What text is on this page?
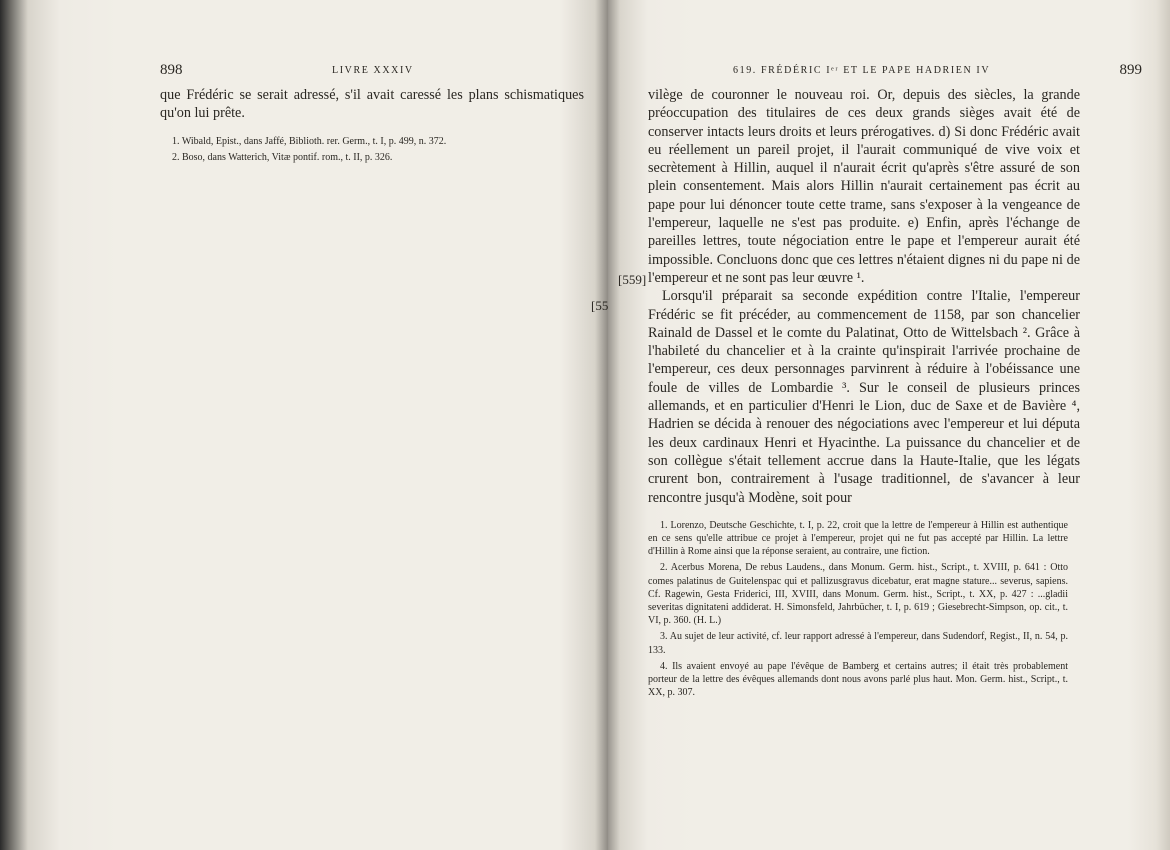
898	LIVRE XXXIV

que Frédéric se serait adressé, s'il avait caressé les plans schismatiques qu'on lui prête.

1. Wibald, Epist., dans Jaffé, Biblioth. rer. Germ., t. I, p. 499, n. 372.

2. Boso, dans Watterich, Vitæ pontif. rom., t. II, p. 326.

[55
619. FRÉDÉRIC Iᵉʳ ET LE PAPE HADRIEN IV	899

vilège de couronner le nouveau roi. Or, depuis des siècles, la grande préoccupation des titulaires de ces deux grands sièges avait été de conserver intacts leurs droits et leurs prérogatives. d) Si donc Frédéric avait eu réellement un pareil projet, il l'aurait communiqué de vive voix et secrètement à Hillin, auquel il n'aurait écrit qu'après s'être assuré de son plein consentement. Mais alors Hillin n'aurait certainement pas écrit au pape pour lui dénoncer toute cette trame, sans s'exposer à la vengeance de l'empereur, laquelle ne s'est pas produite. e) Enfin, après l'échange de pareilles lettres, toute négociation entre le pape et l'empereur aurait été impossible. Concluons donc que ces lettres n'étaient dignes ni du pape ni de l'empereur et ne sont pas leur œuvre ¹.

Lorsqu'il préparait sa seconde expédition contre l'Italie, l'empereur Frédéric se fit précéder, au commencement de 1158, par son chancelier Rainald de Dassel et le comte du Palatinat, Otto de Wittelsbach ². Grâce à l'habileté du chancelier et à la crainte qu'inspirait l'arrivée prochaine de l'empereur, ces deux personnages parvinrent à réduire à l'obéissance une foule de villes de Lombardie ³. Sur le conseil de plusieurs princes allemands, et en particulier d'Henri le Lion, duc de Saxe et de Bavière ⁴, Hadrien se décida à renouer des négociations avec l'empereur et lui députa les deux cardinaux Henri et Hyacinthe. La puissance du chancelier et de son collègue s'était tellement accrue dans la Haute-Italie, que les légats crurent bon, contrairement à l'usage traditionnel, de s'avancer à leur rencontre jusqu'à Modène, soit pour

1. Lorenzo, Deutsche Geschichte, t. I, p. 22, croit que la lettre de l'empereur à Hillin est authentique en ce sens qu'elle attribue ce projet à l'empereur, projet qui ne fut pas accepté par Hillin. La lettre d'Hillin à Rome ainsi que la réponse seraient, au contraire, une fiction.

2. Acerbus Morena, De rebus Laudens., dans Monum. Germ. hist., Script., t. XVIII, p. 641 : Otto comes palatinus de Guitelenspac qui et pallizusgravus dicebatur, erat magne stature... severus, sapiens. Cf. Ragewin, Gesta Friderici, III, XVIII, dans Monum. Germ. hist., Script., t. XX, p. 427 : ...gladii severitas dignitateni addiderat. H. Simonsfeld, Jahrbücher, t. I, p. 619 ; Giesebrecht-Simpson, op. cit., t. VI, p. 360. (H. L.)

3. Au sujet de leur activité, cf. leur rapport adressé à l'empereur, dans Sudendorf, Regist., II, n. 54, p. 133.

4. Ils avaient envoyé au pape l'évêque de Bamberg et certains autres; il était très probablement porteur de la lettre des évêques allemands dont nous avons parlé plus haut. Mon. Germ. hist., Script., t. XX, p. 307.

[559]
